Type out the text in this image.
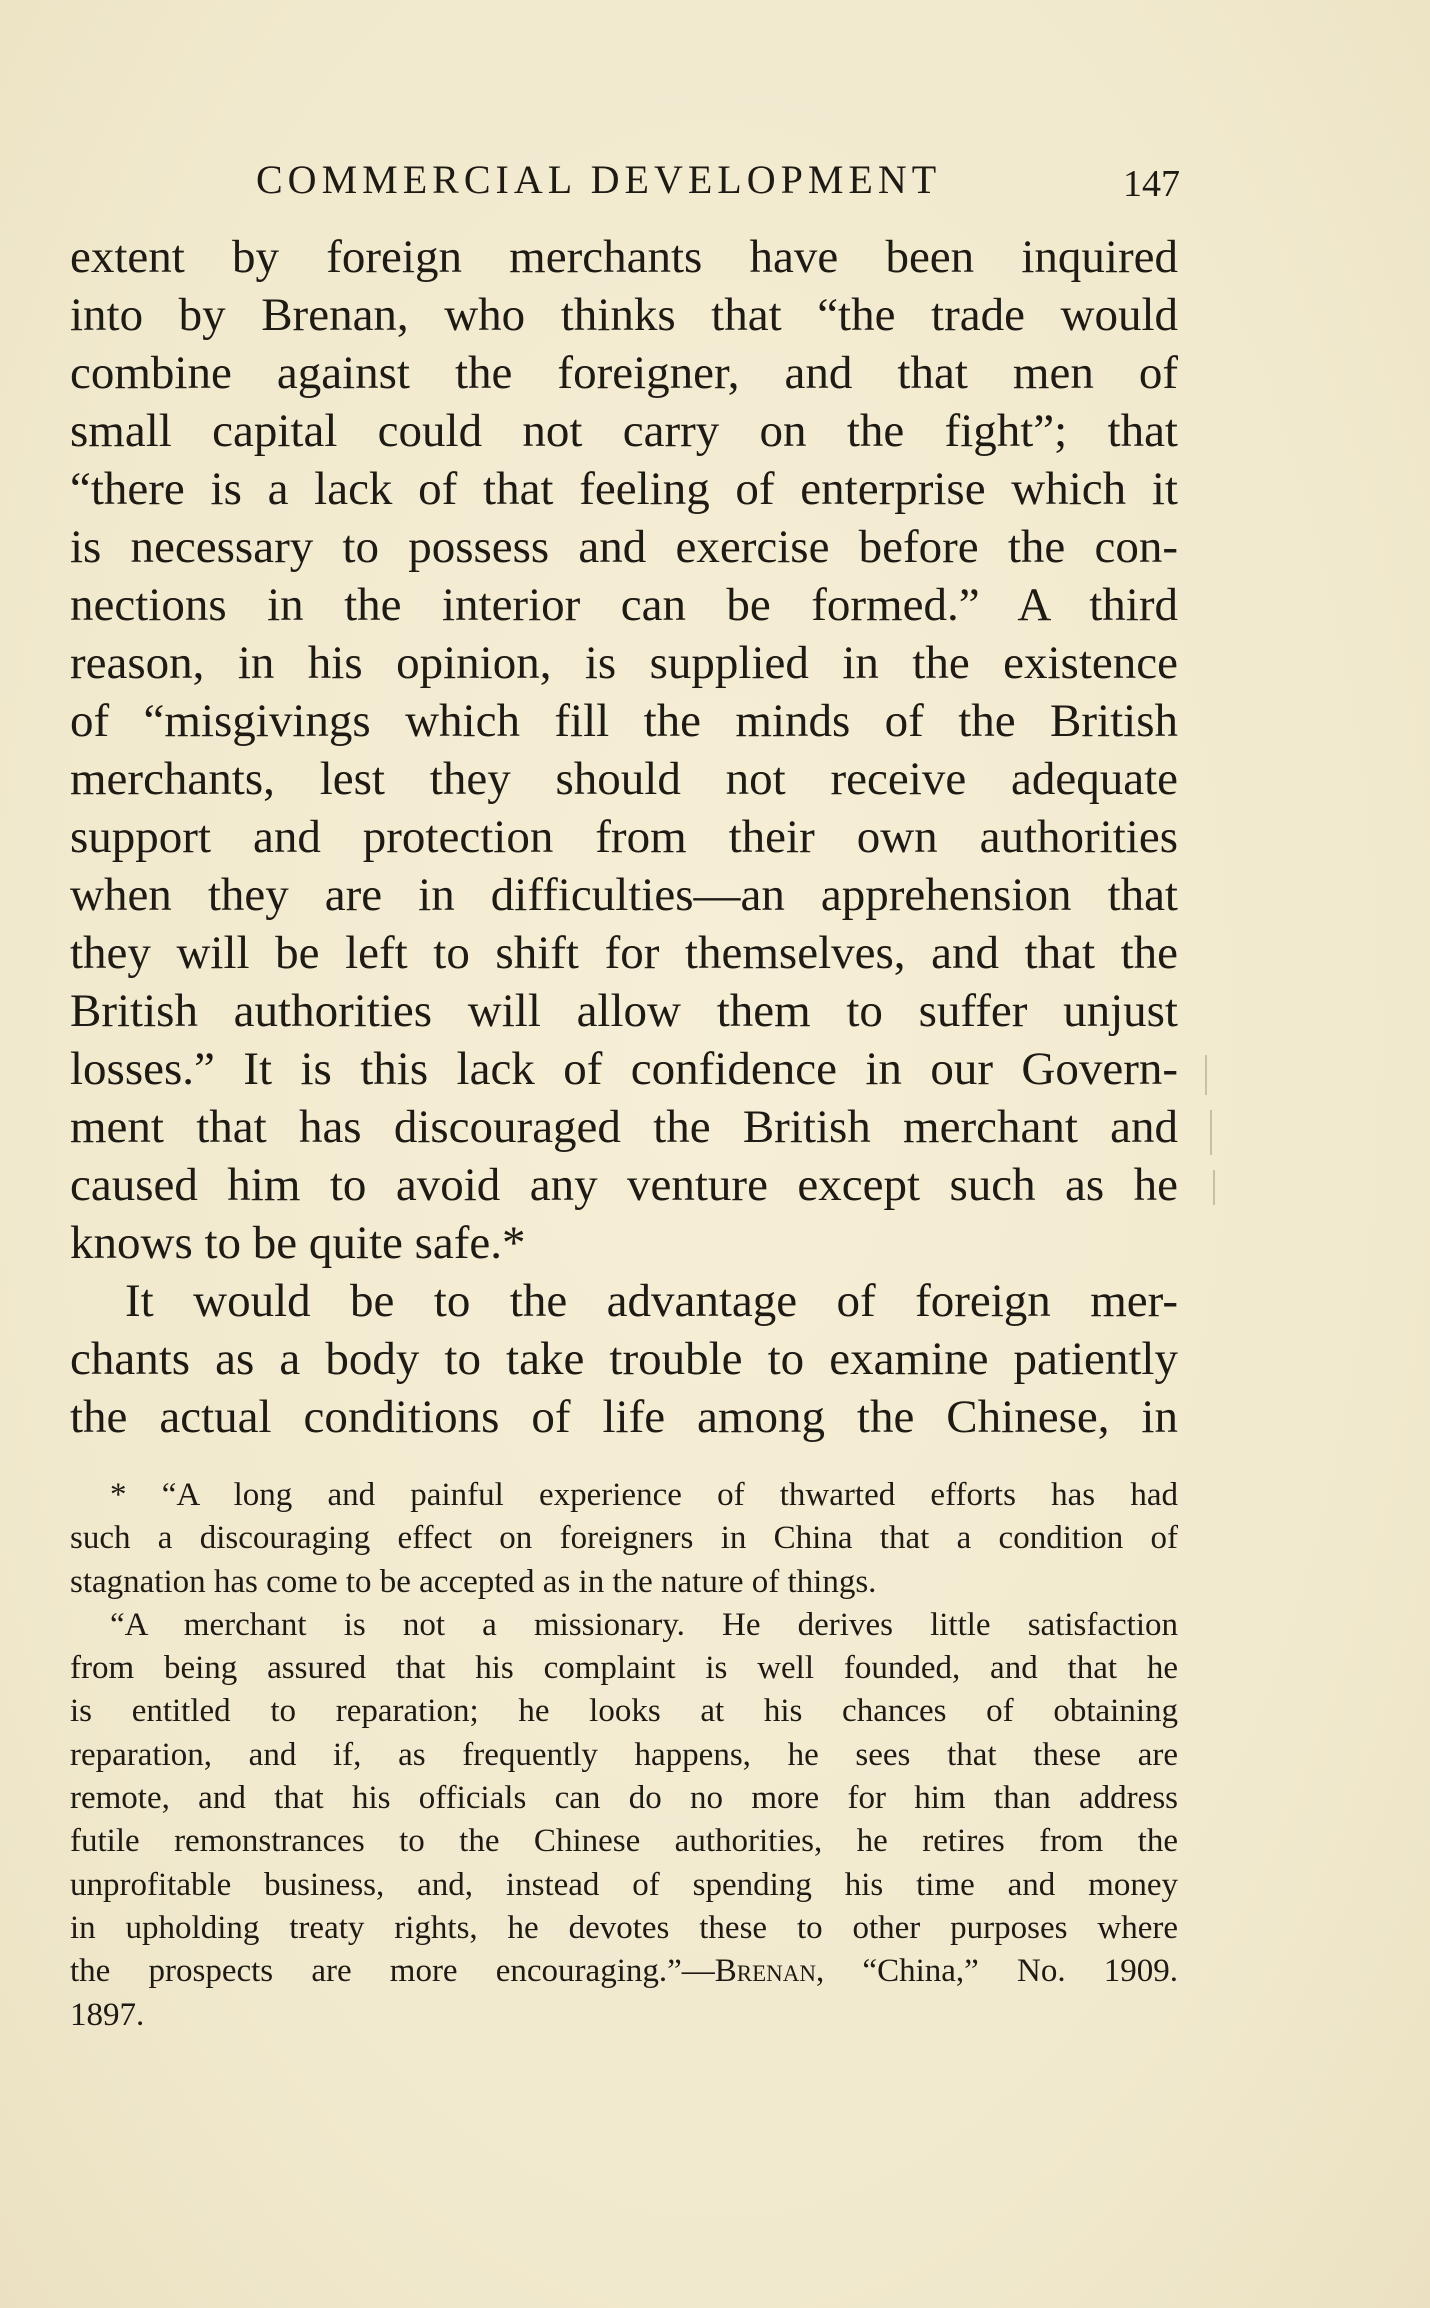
COMMERCIAL DEVELOPMENT	147
extent by foreign merchants have been inquired
into by Brenan, who thinks that “the trade would
combine against the foreigner, and that men of
small capital could not carry on the fight”; that
“there is a lack of that feeling of enterprise which it
is necessary to possess and exercise before the con-
nections in the interior can be formed.” A third
reason, in his opinion, is supplied in the existence
of “misgivings which fill the minds of the British
merchants, lest they should not receive adequate
support and protection from their own authorities
when they are in difficulties—an apprehension that
they will be left to shift for themselves, and that the
British authorities will allow them to suffer unjust
losses.” It is this lack of confidence in our Govern-
ment that has discouraged the British merchant and
caused him to avoid any venture except such as he
knows to be quite safe.*
It would be to the advantage of foreign mer-
chants as a body to take trouble to examine patiently
the actual conditions of life among the Chinese, in
* “A long and painful experience of thwarted efforts has had
such a discouraging effect on foreigners in China that a condition of
stagnation has come to be accepted as in the nature of things.
“A merchant is not a missionary. He derives little satisfaction
from being assured that his complaint is well founded, and that he
is entitled to reparation; he looks at his chances of obtaining
reparation, and if, as frequently happens, he sees that these are
remote, and that his officials can do no more for him than address
futile remonstrances to the Chinese authorities, he retires from the
unprofitable business, and, instead of spending his time and money
in upholding treaty rights, he devotes these to other purposes where
the prospects are more encouraging.”—Brenan, “China,” No. 1909.
1897.
